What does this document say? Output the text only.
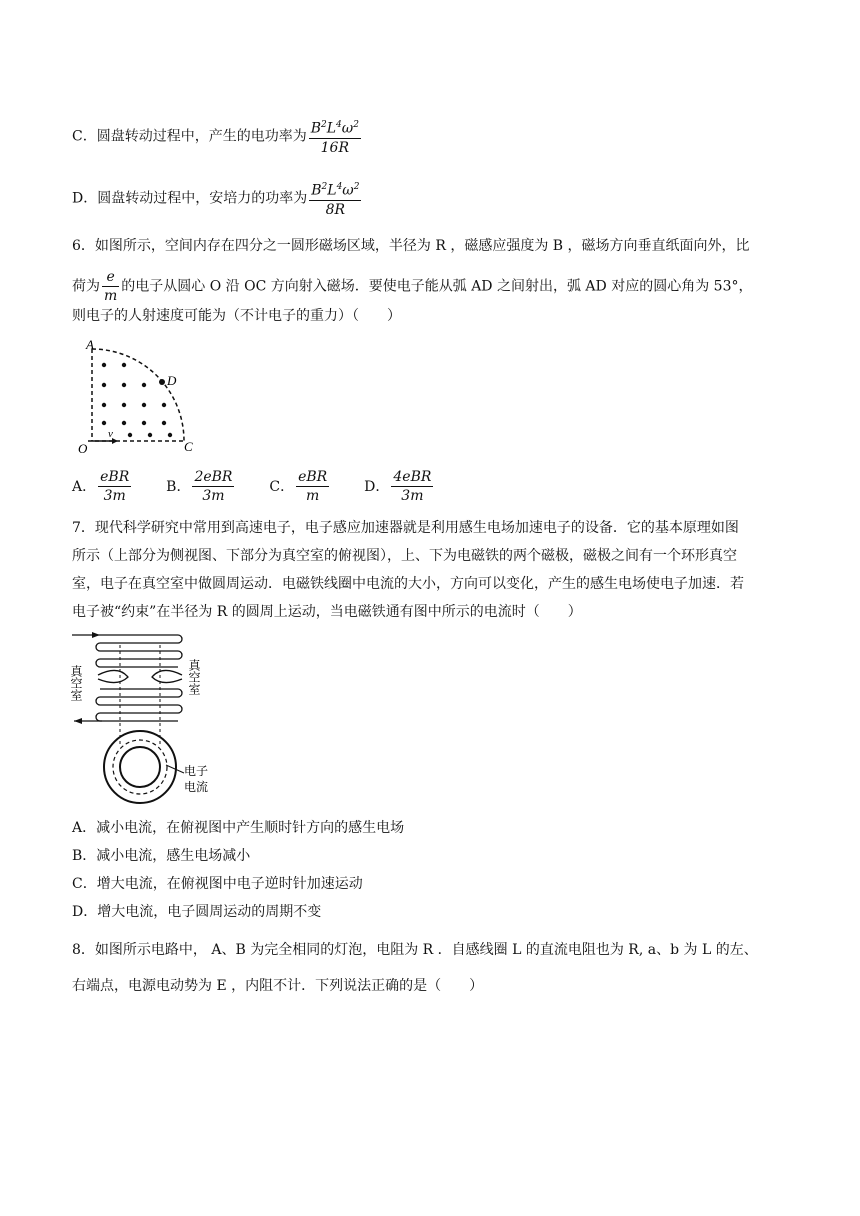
C．圆盘转动过程中，产生的电功率为 $\frac{B^2L^4\omega^2}{16R}$
D．圆盘转动过程中，安培力的功率为 $\frac{B^2L^4\omega^2}{8R}$
6．如图所示，空间内存在四分之一圆形磁场区域，半径为 R ，磁感应强度为 B ，磁场方向垂直纸面向外，比
荷为 $\frac{e}{m}$ 的电子从圆心 O 沿 OC 方向射入磁场．要使电子能从弧 AD 之间射出，弧 AD 对应的圆心角为 53°，
则电子的人射速度可能为（不计电子的重力）（　　）
A
D
O
v
C
A． $\frac{\text{eBR}}{3m}$ B． $\frac{\text{2eBR}}{3m}$ C． $\frac{\text{eBR}}{m}$ D． $\frac{\text{4eBR}}{3m}$
7．现代科学研究中常用到高速电子，电子感应加速器就是利用感生电场加速电子的设备．它的基本原理如图
所示（上部分为侧视图、下部分为真空室的俯视图），上、下为电磁铁的两个磁极，磁极之间有一个环形真空
室，电子在真空室中做圆周运动．电磁铁线圈中电流的大小，方向可以变化，产生的感生电场使电子加速．若
电子被“约束”在半径为 R 的圆周上运动，当电磁铁通有图中所示的电流时（　　）
真空室	真空室
电子
电流
A．减小电流，在俯视图中产生顺时针方向的感生电场
B．减小电流，感生电场减小
C．增大电流，在俯视图中电子逆时针加速运动
D．增大电流，电子圆周运动的周期不变
8．如图所示电路中， A、B 为完全相同的灯泡，电阻为 R ．自感线圈 L 的直流电阻也为 R, a、b 为 L 的左、
右端点，电源电动势为 E ，内阻不计．下列说法正确的是（　　）
